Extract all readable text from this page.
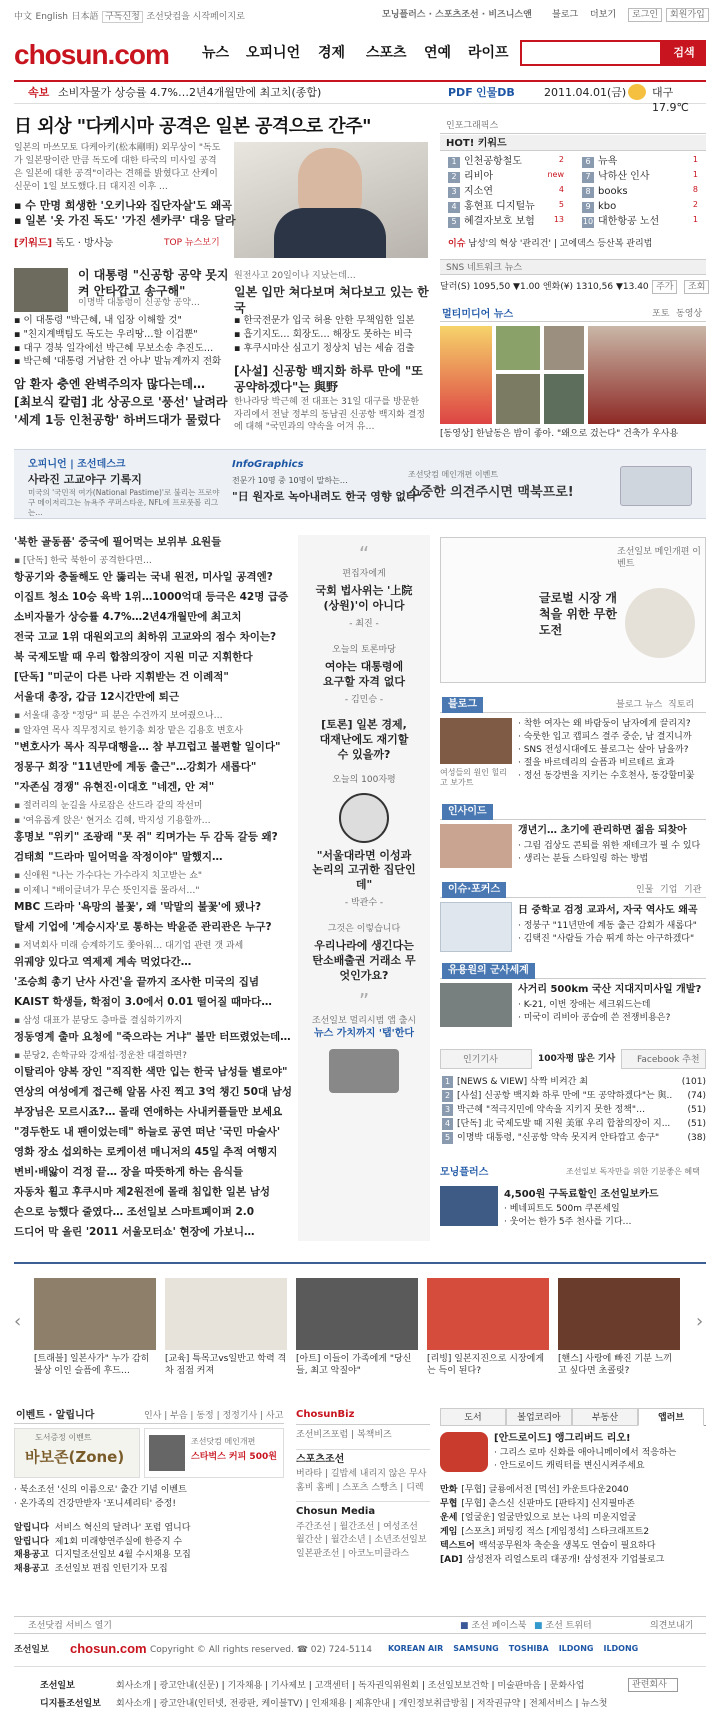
中文 English 日本語 구독신청 조선닷컴을 시작페이지로	모닝플러스 · 스포츠조선 · 비즈니스앤 블로그 더보기	로그인	회원가입
chosun.com 뉴스	오피니언	경제	스포츠	연예	라이프	검색
속보 소비자물가 상승률 4.7%…2년4개월만에 최고치(종합)	PDF 인물DB	2011.04.01(금) 대구 17.9℃
日 외상 "다케시마 공격은 일본 공격으로 간주"
일본의 마쓰모토 다케아키(松本剛明) 외무상이 "독도가 일본땅이란 만큼 독도에 대한 타국의 미사일 공격은 일본에 대한 공격"이라는 견해를 밝혔다고 산케이신문이 1일 보도했다.日 대지진 이후 …
▪ 수 만명 희생한 '오키나와 집단자살'도 왜곡
▪ 일본 '옷 가진 독도' '가진 센카쿠' 대응 달라
[키워드] 독도 · 방사능	TOP 뉴스보기
이 대통령 "신공항 공약 못지켜 안타깝고 송구해"
이명박 대통령이 신공항 공약…
▪ 이 대통령 "박근혜, 내 입장 이해할 것"
▪ "친지계백팀도 독도는 우리땅…할 이겁뿐"
▪ 대구 경북 일각에선 박근혜 무보소송 추진도…
▪ 박근혜 '대통령 거남한 건 아냐' 발뉴계까지 전화
암 환자 충엔 완벽주의자 많다는데…
[최보식 칼럼] 北 상공으로 '풍선' 날려라
'세계 1등 인천공항' 하버드대가 물렀다
원전사고 20일이나 지났는데…
일본 입만 쳐다보며 쳐다보고 있는 한국
▪ 한국전문가 입국 허용 안한 무책임한 일본
▪ 흡기지도… 회장도… 해장도 못하는 비극
▪ 후쿠시마산 심고기 정상치 넘는 세슘 검출
[사설] 신공항 백지화 하루 만에 "또 공약하겠다"는 與野
한나라당 박근혜 전 대표는 31일 대구를 방문한 자리에서 전날 정부의 동남권 신공항 백지화 결정에 대해 "국민과의 약속을 어겨 유…
인포그래픽스
HOT! 키워드
1 인천공항철도	2
2 리비아	new
3 지소연	4
4 홍현표 디지털뉴	5
5 혜결자보호 보험 13
6 뉴욕	1
7 낙하산 인사	1
8 books	8
9 kbo	2
10 대한항공 노선	1
이슈 남성'의 혁상 '관리건' | 고에덱스 등산복 관리법
SNS 네트워크 뉴스
달러(S) 1095,50 ▼1.00 엔화(¥) 1310,56 ▼13.40 주가	조회
멀티미디어 뉴스	포토 동영상
[동영상] 한날동은 밤이 좋아. "왜으로 겄는다" 건축가 우사용
오피니언 | 조선데스크
사라진 고교야구 기록지
미국의 '국민적 여가(National Pastime)'로 불리는 프로야구 메이저리그는 뉴욕주 쿠퍼스타운, NFL에 프로풋볼 리그는…
InfoGraphics
전문가 10명 중 10명이 말하는…
"日 원자로 녹아내려도 한국 영향 없다"
조선닷컴 메인개편 이벤트
소중한 의견주시면 맥북프로!
'북한 골동품' 중국에 필어먹는 보위부 요원들
▪ [단독] 한국 북한이 공격한다면…
항공기와 충돌해도 안 뚫리는 국내 원전, 미사일 공격엔?
이집트 청소 10승 육박 1위…1000억대 등극은 42명 급증
소비자물가 상승률 4.7%…2년4개월만에 최고치
전국 고교 1위 대원외고의 최하위 고교와의 점수 차이는?
북 국제도발 때 우리 합참의장이 지원 미군 지휘한다
[단독] "미군이 다른 나라 지휘받는 건 이례적"
서울대 총장, 갑금 12시간만에 퇴근
▪ 서울대 총장 "정당" 피 분은 수건까지 보여줬으나…
▪ 알자연 목사 직무정지로 한기총 회장 맡은 김용호 변호사
"변호사가 목사 직무대행을… 참 부끄럽고 불편할 일이다"
정몽구 회장 "11년만에 계동 출근"…강회가 새롭다"
"자존심 경쟁" 유현진·이대호 "네겐, 안 져"
▪ 절러리의 눈길을 사로잡은 산드라 같의 작선미
▪ '여유롭게 앉은' 현거소 김혜, 박지성 기용할까…
홍명보 "위키" 조광래 "못 쥐" 킥며가는 두 감독 갈등 왜?
검태희 "드라마 밀어먹을 작정이야" 말했지…
▪ 신애원 "나는 가수다는 가수라지 치고받는 쇼"
▪ 이제니 "배이글녀가 무슨 뜻인지를 몰라서…"
MBC 드라마 '욕망의 불꽃', 왜 '막말의 불꽃'에 됐나?
탈세 기업에 '계승시자'로 통하는 박윤준 관리관은 누구?
▪ 저녁회사 미래 승계하기도 쫓아워… 대기업 관련 갯 과세
위궤양 있다고 역제제 계속 먹었다간…
'조승희 총기 난사 사건'을 끝까지 조사한 미국의 집념
KAIST 학생들, 학점이 3.0에서 0.01 떨어질 때마다…
▪ 삼성 대표가 분당도 층마를 결심하기까지
정동영계 출마 요청에 "죽으라는 거냐" 불만 터뜨렸었는데…
▪ 분당2, 손학규와 강재섭·정운찬 대결하면?
이탈리아 양복 장인 "직직한 색만 입는 한국 남성들 별로야"
연상의 여성에게 접근해 알몸 사진 찍고 3억 챙긴 50대 남성
부장님은 모르시죠?… 몰래 연애하는 사내커플들만 보세요
"경두한도 내 팬이었는데" 하늘로 공연 떠난 '국민 마술사'
영화 장소 섭외하는 로케이션 매니저의 45일 추적 여행지
변비·배앓이 걱정 끝… 장을 따뜻하게 하는 음식들
자동차 휠고 후쿠시마 제2원전에 몰래 침입한 일본 남성
손으로 능했다 줄였다… 조선일보 스마트폐이퍼 2.0
드디어 막 올린 '2011 서울모터쇼' 현장에 가보니…
“
편집자에게
국회 법사위는 '上院(상원)'이 아니다
- 최진 -
오늘의 토론마당
여야는 대통령에 요구할 자격 없다
- 김민승 -
[토론] 일본 경제, 대재난에도 재기할 수 있을까?
오늘의 100자평
"서울대라면 이성과 논리의 고귀한 집단인데"
- 박관수 -
그것은 이렇습니다
우리나라에 생긴다는 탄소배출권 거래소 무엇인가요?
”
조선일보 멀리시범 앱 출시
뉴스 가치까지 '탭'한다
글로벌 시장 개척을 위한 무한도전
조선일보 메인개편 이벤트
블로그	블로그 뉴스 직토리
여성들의 원인 힐리고 보가트
· 착한 여자는 왜 바람둥이 남자에게 끌리지?
· 숙룻한 입고 캡피스 결주 중순, 남 결지니까
· SNS 전성시대에도 블로그는 살아 남을까?
· 절을 바르데리의 슬픔과 비르테르 효과
· 정선 동강변을 지키는 수호천사, 동강할미꽃
인사이드
갱년기… 초기에 관리하면 젊음 되찾아
· 그림 겁상도 콘퇴를 위한 재테크가 필 수 있다
· 생리는 분들 스타일링 하는 방법
이슈·포커스	인물 기업 기관
日 중학교 검정 교과서, 자국 역사도 왜곡
· 정붕구 "11년만에 계동 출근 감회가 새롭다"
· 김택진 "사람들 가슴 뛰게 하는 아구하겠다"
유용원의 군사세계
사거리 500km 국산 지대지미사일 개발?
· K-21, 이번 장애는 세크워드는데
· 미국이 리비아 공습에 쓴 전쟁비용은?
인기기사	100자평 많은 기사	Facebook 추천
1 [NEWS & VIEW] 삭짝 비켜간 최	(101)
2 [사설] 신공항 백지화 하루 만에 "또 공약하겠다"는 與.. (74)
3 박근혜 "적극지민에 약속을 지키지 못한 정책"…	(51)
4 [단독] 北 국제도발 때 지원 美軍 우리 합참의장이 지... (51)
5 이명박 대통령, "신공항 약속 못지켜 안타깝고 송구"	(38)
모닝플러스	조선일보 독자만을 위한 기분좋은 혜택
4,500원 구독료할인 조선일보카드
· 베네피트도 500m 쿠폰세일
· 웃어는 한가 5주 천사를 기다…
‹	›
[트래블] 일본사가" 누가 감히 불상 이인 슬픔에 후드…
[교육] 특목고vs일반고 학력 격차 점점 커져
[아트] 이들이 가족에게 "당신들, 최고 악질야"
[리빙] 일본지진으로 시장에게는 득이 된다?
[핸스] 사랑에 빠진 기분 느끼고 싶다면 초콜릿?
이벤트 · 알립니다	인사 | 부음 | 동정 | 정정기사 | 사고
도서증정 이벤트
바보존(Zone)
조선닷컴 메인개편
스타벅스 커피 500원
· 북소조선 '신의 이름으로' 출간 기념 이벤트
· 온가족의 건강만받자 '포니셰리티' 증정!
알립니다 서비스 혁신의 달려나' 포럼 엽니다
알립니다 제1회 미래향연주실에 한증지 수
채용공고 디지털조선일보 4월 수시채용 모집
채용공고 조선일보 편집 인턴기자 모집
ChosunBiz
조선비즈포럼 | 복책비즈
스포츠조선
버라타 | 길밥세 내리지 않은 무사
홈비 홈베 | 스포츠 스빵츠 | 디렉
Chosun Media
주간조선 | 월간조선 | 여성조선
월간산 | 월간소년 | 소년조선일보
일본판조선 | 아코노미클라스
도서	볼업코리아	부동산	앱러브
[안드로이드] 앵그리버드 리오!
· 그리스 로마 신화를 애아니메이에서 적응하는
· 안드로이드 캐릭터를 변신시켜주세요
만화 [무협] 글룡에서전 [먹선] 카운트다운2040
무협 [무협] 춘스신 신판마도 [판타지] 신지필마존
운세 [얼굴운] 얼굴만있으로 보는 나의 미운지얼굴
게임 [스포츠] 퍼팅킹 적스 [게임정석] 스타크래프트2
텍스트어 백석공무원차 축순을 생복도 연습이 필요하다
[AD] 삼성전자 리얼스토리 대공개! 삼성전자 기업블로그
조선닷컴 서비스 열기	■ 조선 페이스북 ■ 조선 트위터	의견보내기
조선일보 chosun.com Copyright © All rights reserved. ☎ 02) 724-5114 KOREAN AIR SAMSUNG TOSHIBA ILDONG ILDONG
조선일보	회사소개 | 광고안내(신문) | 기자채용 | 기사제보 | 고객센터 | 독자권익위원회 | 조선일보보건학 | 미술판마음 | 문화사업
디지틀조선일보 회사소개 | 광고안내(인터넷, 전광판, 케이블TV) | 인재채용 | 제휴안내 | 개인정보취급방침 | 저작권규약 | 전체서비스 | 뉴스첫
관련회사
